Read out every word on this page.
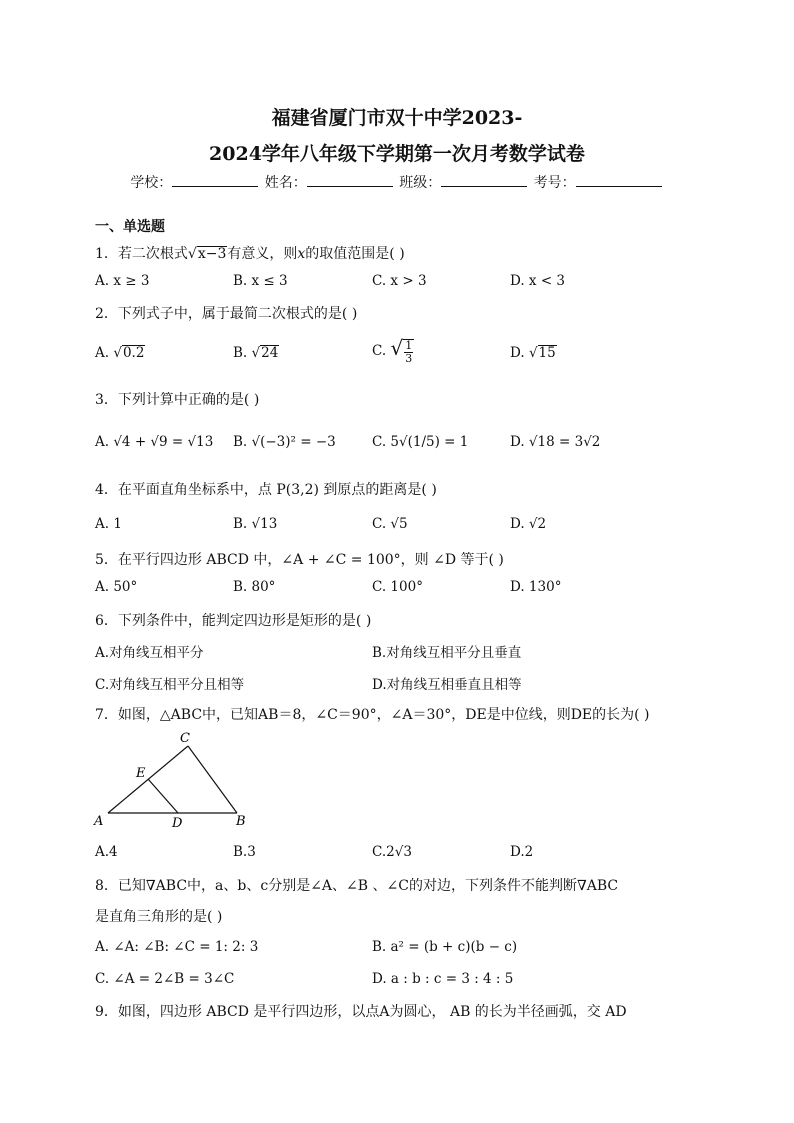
福建省厦门市双十中学2023-
2024学年八年级下学期第一次月考数学试卷
学校：	姓名：	班级：	考号：
一、单选题
1．若二次根式√x−3有意义，则x的取值范围是( )
A. x ≥ 3	B. x ≤ 3	C. x > 3	D. x < 3
2．下列式子中，属于最简二次根式的是( )
A. √0.2	B. √24	C. √ $\frac{1}{3}$	D. √15
3．下列计算中正确的是( )
A. √4 + √9 = √13 B. √(−3)² = −3	C. 5√(1/5) = 1	D. √18 = 3√2
4．在平面直角坐标系中，点 P(3,2) 到原点的距离是( )
A. 1	B. √13	C. √5	D. √2
5．在平行四边形 ABCD 中，∠A + ∠C = 100°，则 ∠D 等于( )
A. 50°	B. 80°	C. 100°	D. 130°
6．下列条件中，能判定四边形是矩形的是( )
A.对角线互相平分	B.对角线互相平分且垂直
C.对角线互相平分且相等	D.对角线互相垂直且相等
7．如图，△ABC中，已知AB＝8，∠C＝90°，∠A＝30°，DE是中位线，则DE的长为( )
A	B
C
D
E
A.4	B.3	C.2√3	D.2
8．已知∇ABC中，a、b、c分别是∠A、∠B 、∠C的对边，下列条件不能判断∇ABC
是直角三角形的是( )
A. ∠A: ∠B: ∠C = 1: 2: 3	B. a² = (b + c)(b − c)
C. ∠A = 2∠B = 3∠C	D. a : b : c = 3 : 4 : 5
9．如图，四边形 ABCD 是平行四边形，以点A为圆心， AB 的长为半径画弧，交 AD
